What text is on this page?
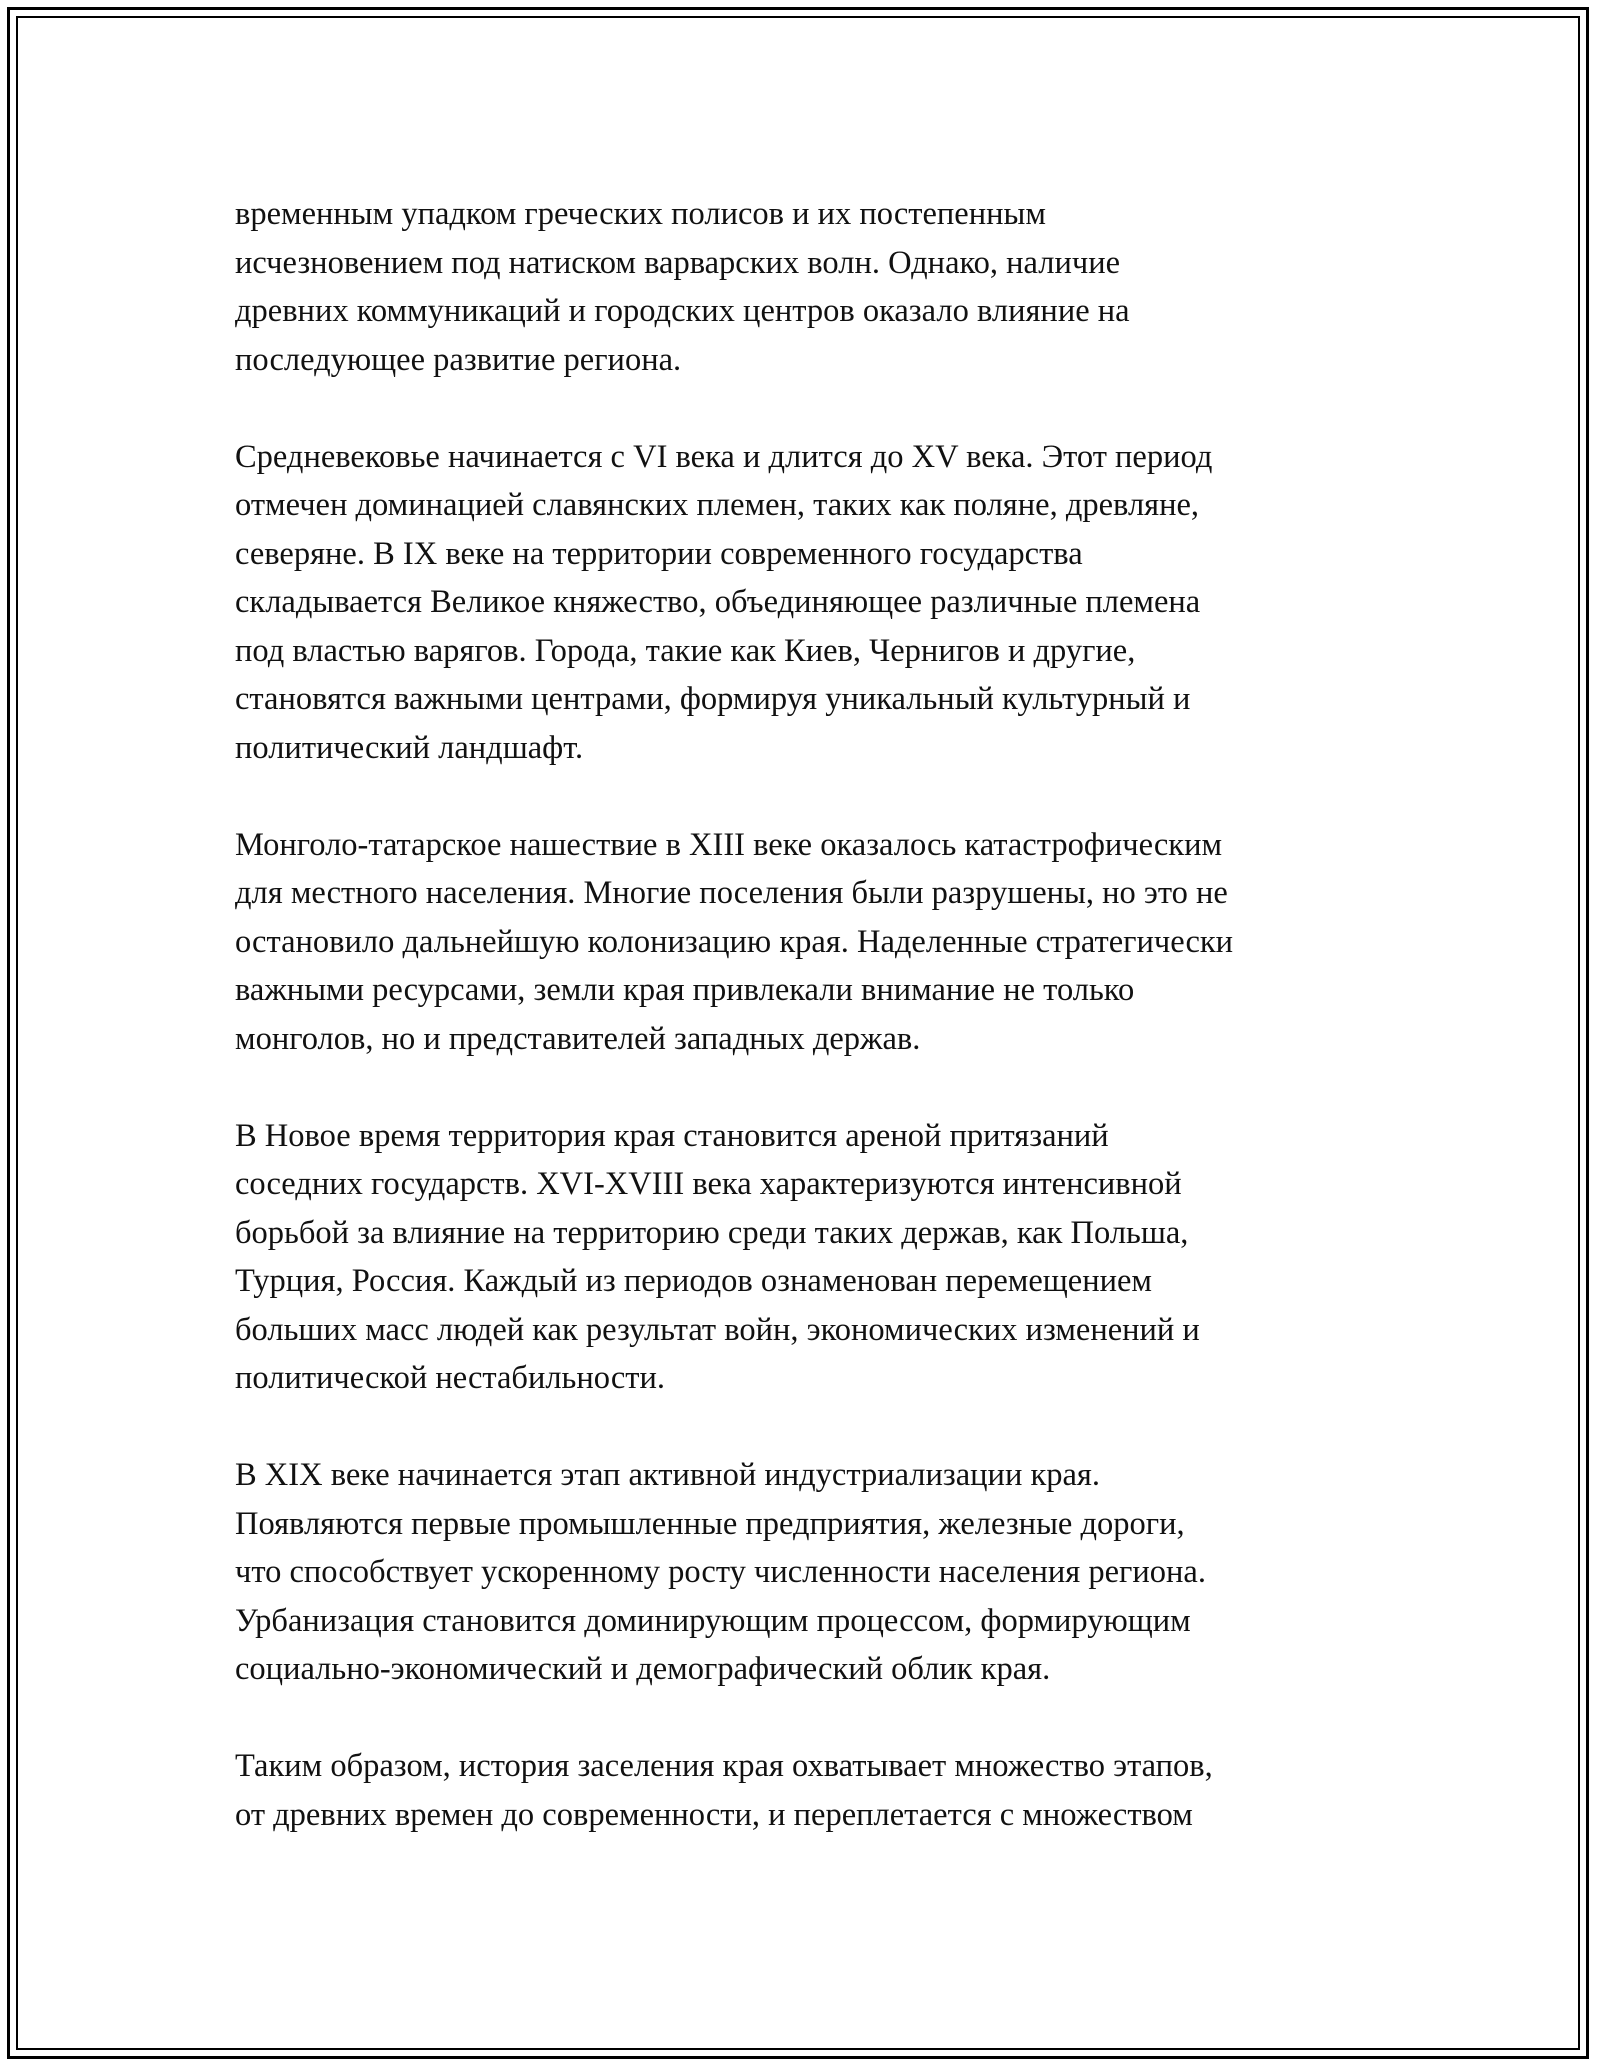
временным упадком греческих полисов и их постепенным
исчезновением под натиском варварских волн. Однако, наличие
древних коммуникаций и городских центров оказало влияние на
последующее развитие региона.
Средневековье начинается с VI века и длится до XV века. Этот период
отмечен доминацией славянских племен, таких как поляне, древляне,
северяне. В IX веке на территории современного государства
складывается Великое княжество, объединяющее различные племена
под властью варягов. Города, такие как Киев, Чернигов и другие,
становятся важными центрами, формируя уникальный культурный и
политический ландшафт.
Монголо-татарское нашествие в XIII веке оказалось катастрофическим
для местного населения. Многие поселения были разрушены, но это не
остановило дальнейшую колонизацию края. Наделенные стратегически
важными ресурсами, земли края привлекали внимание не только
монголов, но и представителей западных держав.
В Новое время территория края становится ареной притязаний
соседних государств. XVI-XVIII века характеризуются интенсивной
борьбой за влияние на территорию среди таких держав, как Польша,
Турция, Россия. Каждый из периодов ознаменован перемещением
больших масс людей как результат войн, экономических изменений и
политической нестабильности.
В XIX веке начинается этап активной индустриализации края.
Появляются первые промышленные предприятия, железные дороги,
что способствует ускоренному росту численности населения региона.
Урбанизация становится доминирующим процессом, формирующим
социально-экономический и демографический облик края.
Таким образом, история заселения края охватывает множество этапов,
от древних времен до современности, и переплетается с множеством
